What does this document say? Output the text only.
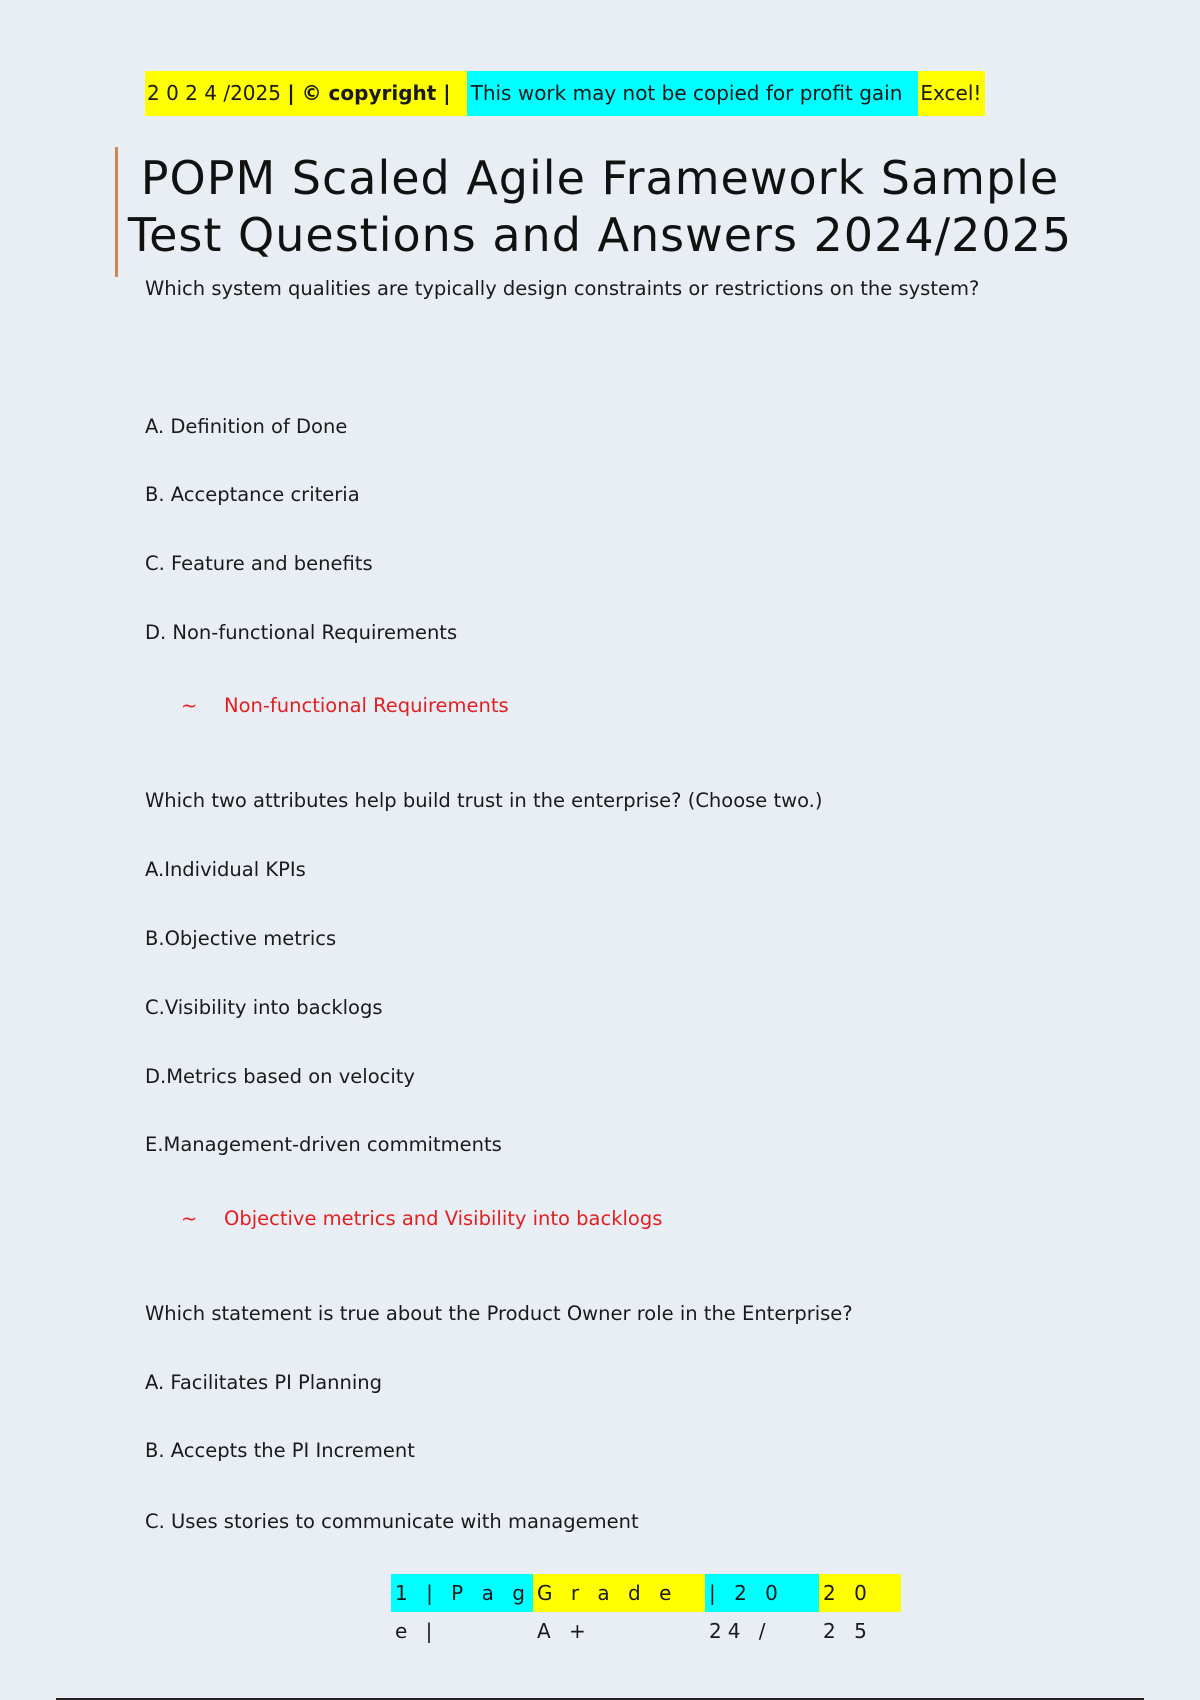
2 0 2 4 /2025 | © copyright |	This work may not be copied for profit gain Excel!
POPM Scaled Agile Framework Sample
Test Questions and Answers 2024/2025
Which system qualities are typically design constraints or restrictions on the system?
A. Definition of Done
B. Acceptance criteria
C. Feature and benefits
D. Non-functional Requirements
~ Non-functional Requirements
Which two attributes help build trust in the enterprise? (Choose two.)
A.Individual KPIs
B.Objective metrics
C.Visibility into backlogs
D.Metrics based on velocity
E.Management-driven commitments
~ Objective metrics and Visibility into backlogs
Which statement is true about the Product Owner role in the Enterprise?
A. Facilitates PI Planning
B. Accepts the PI Increment
C. Uses stories to communicate with management
1 | P a g e |
G r a d e A +
| 2 0 24 /
2 0 2 5
